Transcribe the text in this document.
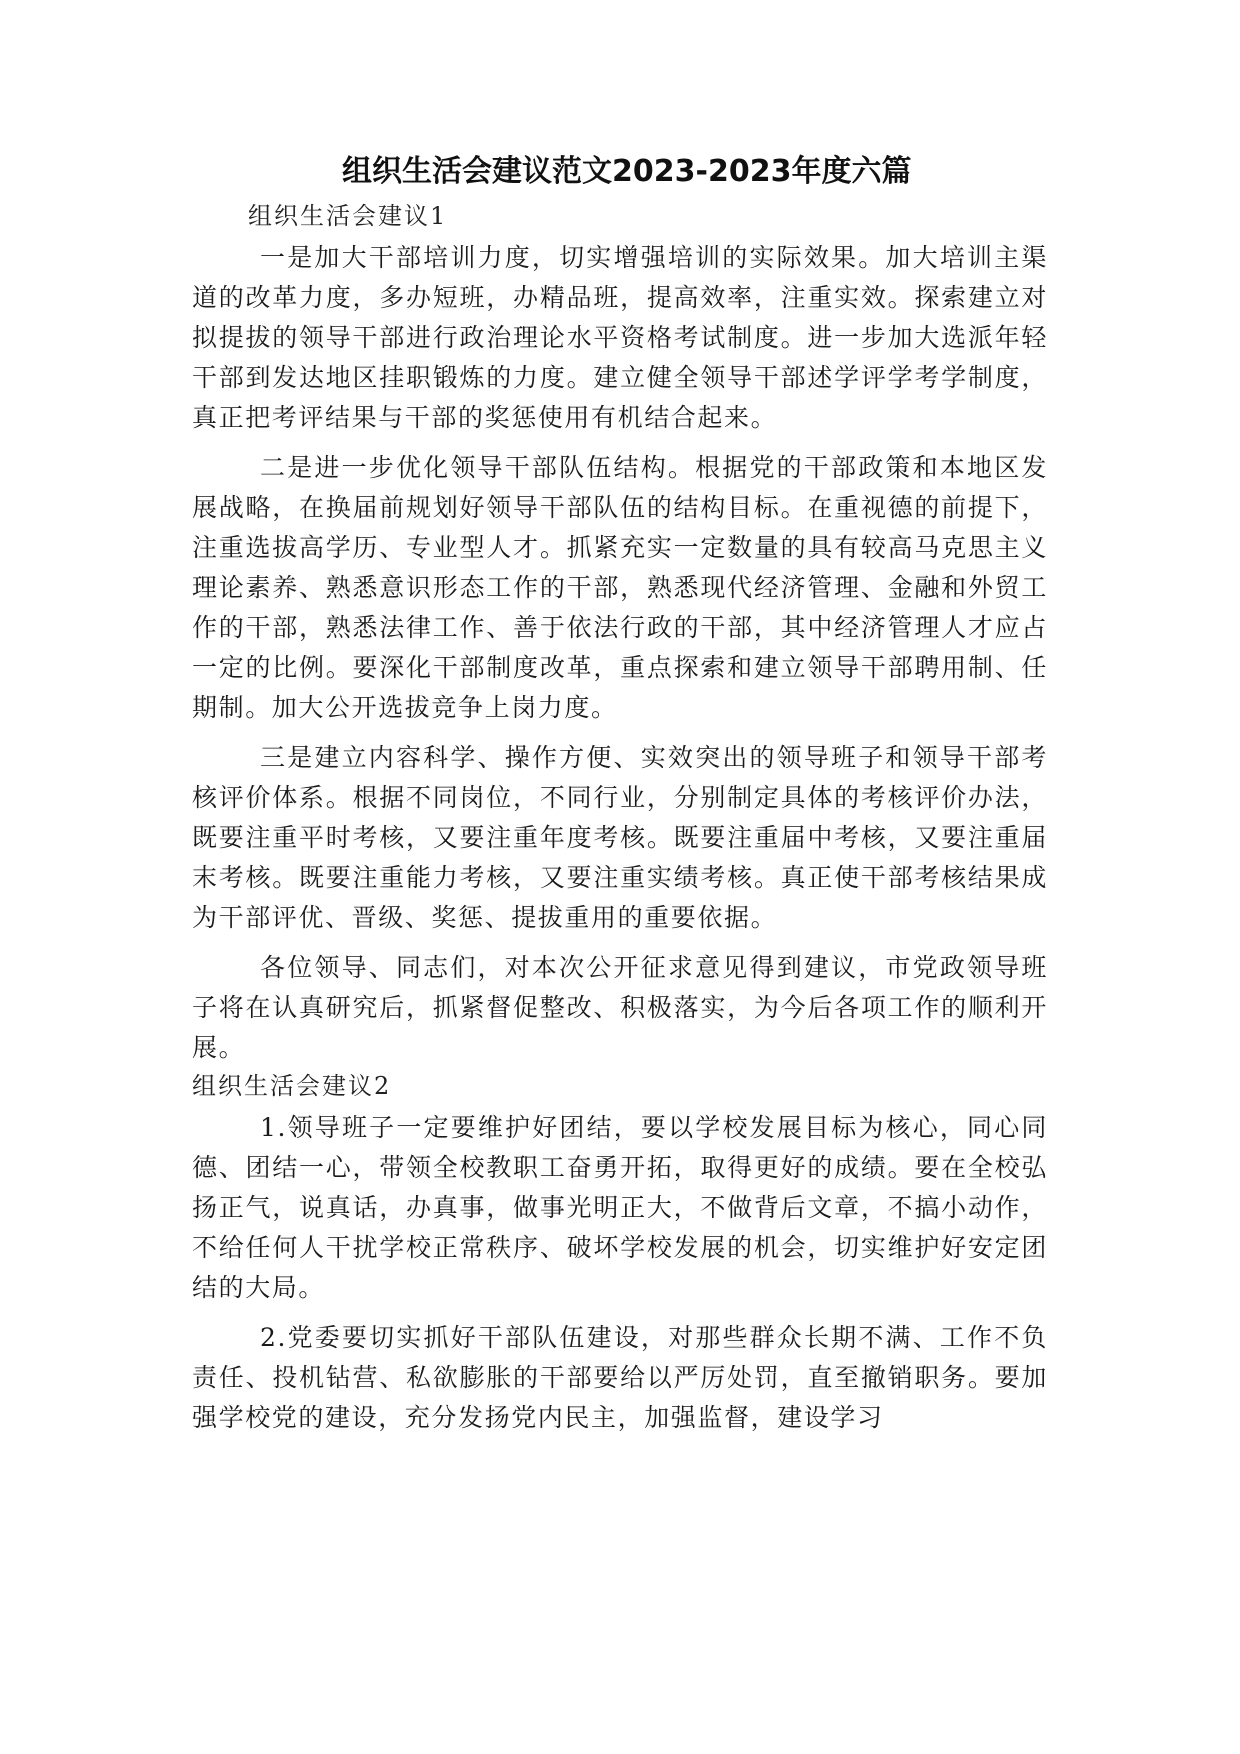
组织生活会建议范文2023-2023年度六篇

组织生活会建议1

一是加大干部培训力度，切实增强培训的实际效果。加大培训主渠道的改革力度，多办短班，办精品班，提高效率，注重实效。探索建立对拟提拔的领导干部进行政治理论水平资格考试制度。进一步加大选派年轻干部到发达地区挂职锻炼的力度。建立健全领导干部述学评学考学制度，真正把考评结果与干部的奖惩使用有机结合起来。

二是进一步优化领导干部队伍结构。根据党的干部政策和本地区发展战略，在换届前规划好领导干部队伍的结构目标。在重视德的前提下，注重选拔高学历、专业型人才。抓紧充实一定数量的具有较高马克思主义理论素养、熟悉意识形态工作的干部，熟悉现代经济管理、金融和外贸工作的干部，熟悉法律工作、善于依法行政的干部，其中经济管理人才应占一定的比例。要深化干部制度改革，重点探索和建立领导干部聘用制、任期制。加大公开选拔竞争上岗力度。

三是建立内容科学、操作方便、实效突出的领导班子和领导干部考核评价体系。根据不同岗位，不同行业，分别制定具体的考核评价办法，既要注重平时考核，又要注重年度考核。既要注重届中考核，又要注重届末考核。既要注重能力考核，又要注重实绩考核。真正使干部考核结果成为干部评优、晋级、奖惩、提拔重用的重要依据。

各位领导、同志们，对本次公开征求意见得到建议，市党政领导班子将在认真研究后，抓紧督促整改、积极落实，为今后各项工作的顺利开展。

组织生活会建议2

1.领导班子一定要维护好团结，要以学校发展目标为核心，同心同德、团结一心，带领全校教职工奋勇开拓，取得更好的成绩。要在全校弘扬正气，说真话，办真事，做事光明正大，不做背后文章，不搞小动作，不给任何人干扰学校正常秩序、破坏学校发展的机会，切实维护好安定团结的大局。

2.党委要切实抓好干部队伍建设，对那些群众长期不满、工作不负责任、投机钻营、私欲膨胀的干部要给以严厉处罚，直至撤销职务。要加强学校党的建设，充分发扬党内民主，加强监督，建设学习
